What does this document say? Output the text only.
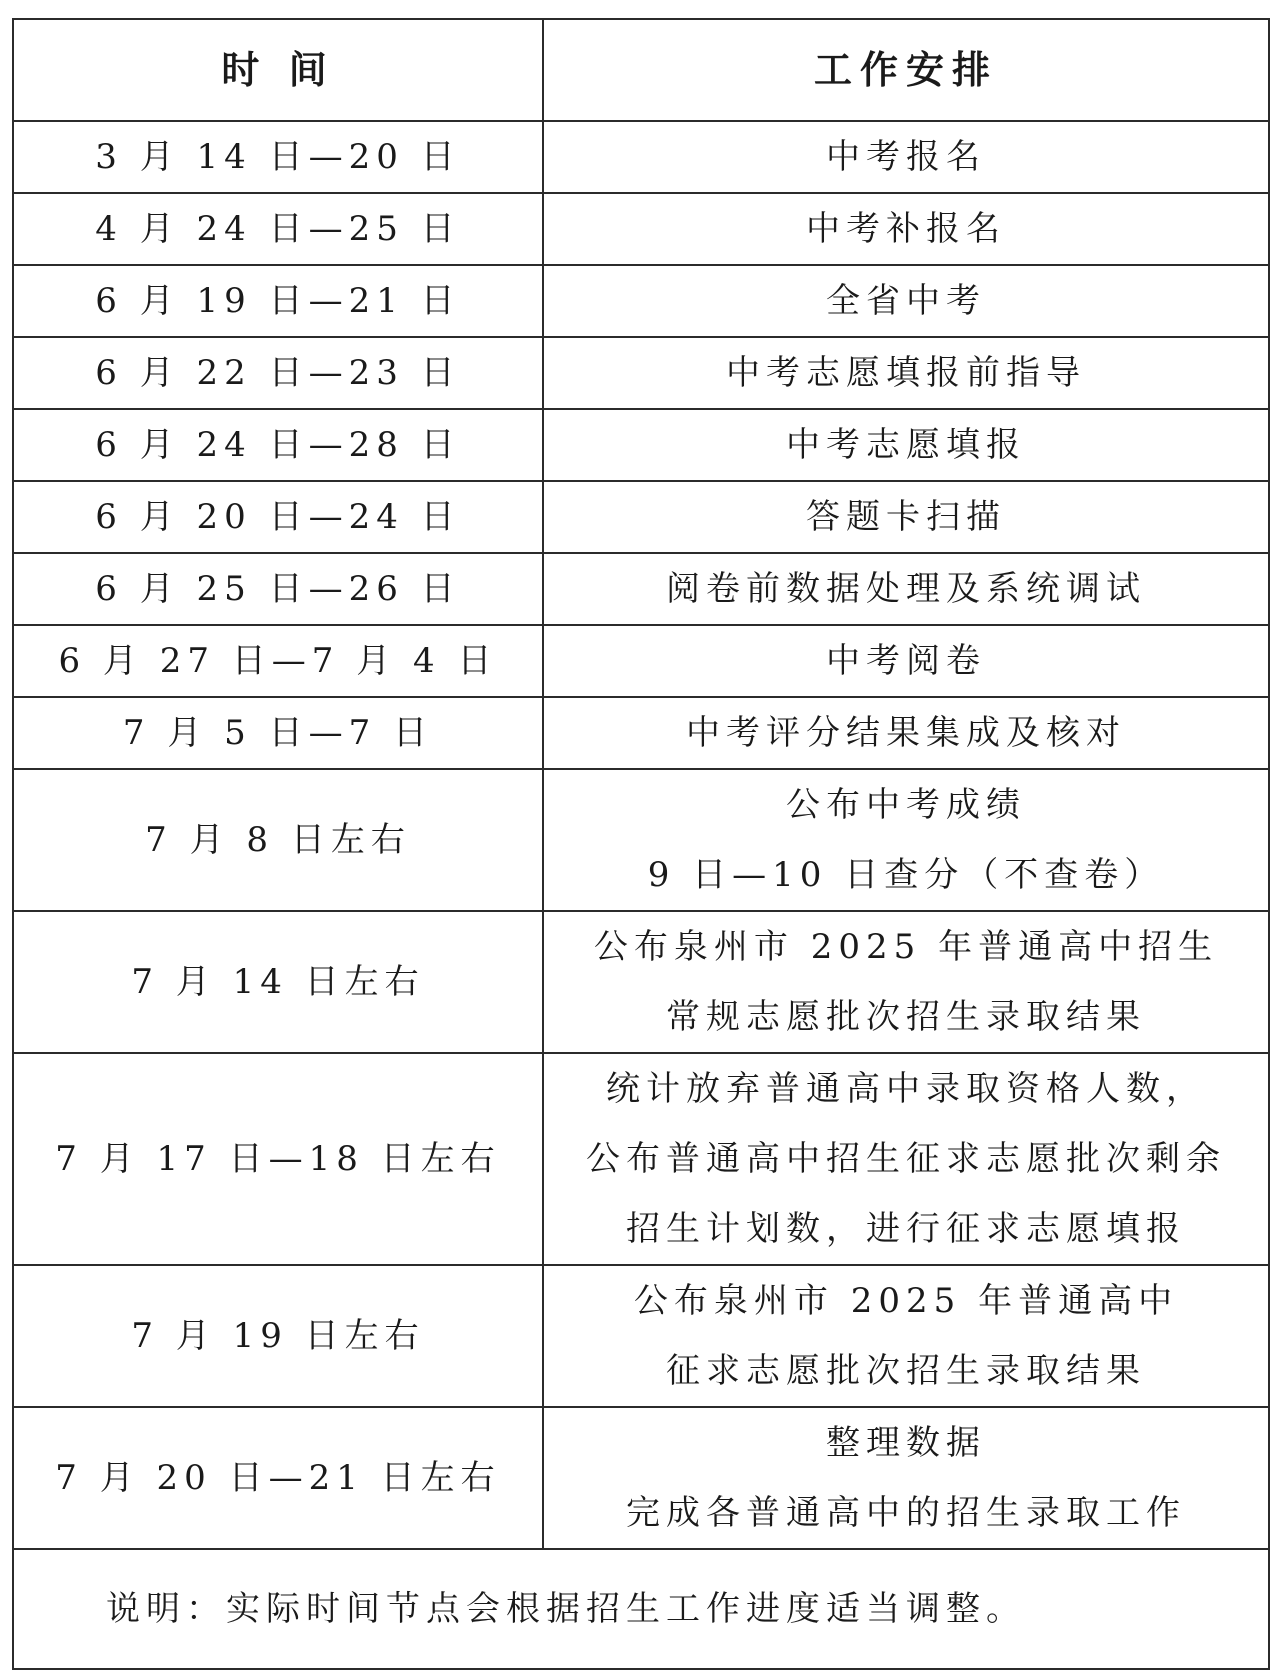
时 间	工作安排
3 月 14 日—20 日	中考报名

4 月 24 日—25 日	中考补报名

6 月 19 日—21 日	全省中考

6 月 22 日—23 日	中考志愿填报前指导

6 月 24 日—28 日	中考志愿填报

6 月 20 日—24 日	答题卡扫描

6 月 25 日—26 日	阅卷前数据处理及系统调试

6 月 27 日—7 月 4 日	中考阅卷

7 月 5 日—7 日	中考评分结果集成及核对

7 月 8 日左右	公布中考成绩
9 日—10 日查分（不查卷）

7 月 14 日左右	公布泉州市 2025 年普通高中招生
常规志愿批次招生录取结果

7 月 17 日—18 日左右	统计放弃普通高中录取资格人数，
公布普通高中招生征求志愿批次剩余
招生计划数，进行征求志愿填报

7 月 19 日左右	公布泉州市 2025 年普通高中
征求志愿批次招生录取结果

7 月 20 日—21 日左右	整理数据
完成各普通高中的招生录取工作

说明：实际时间节点会根据招生工作进度适当调整。	
